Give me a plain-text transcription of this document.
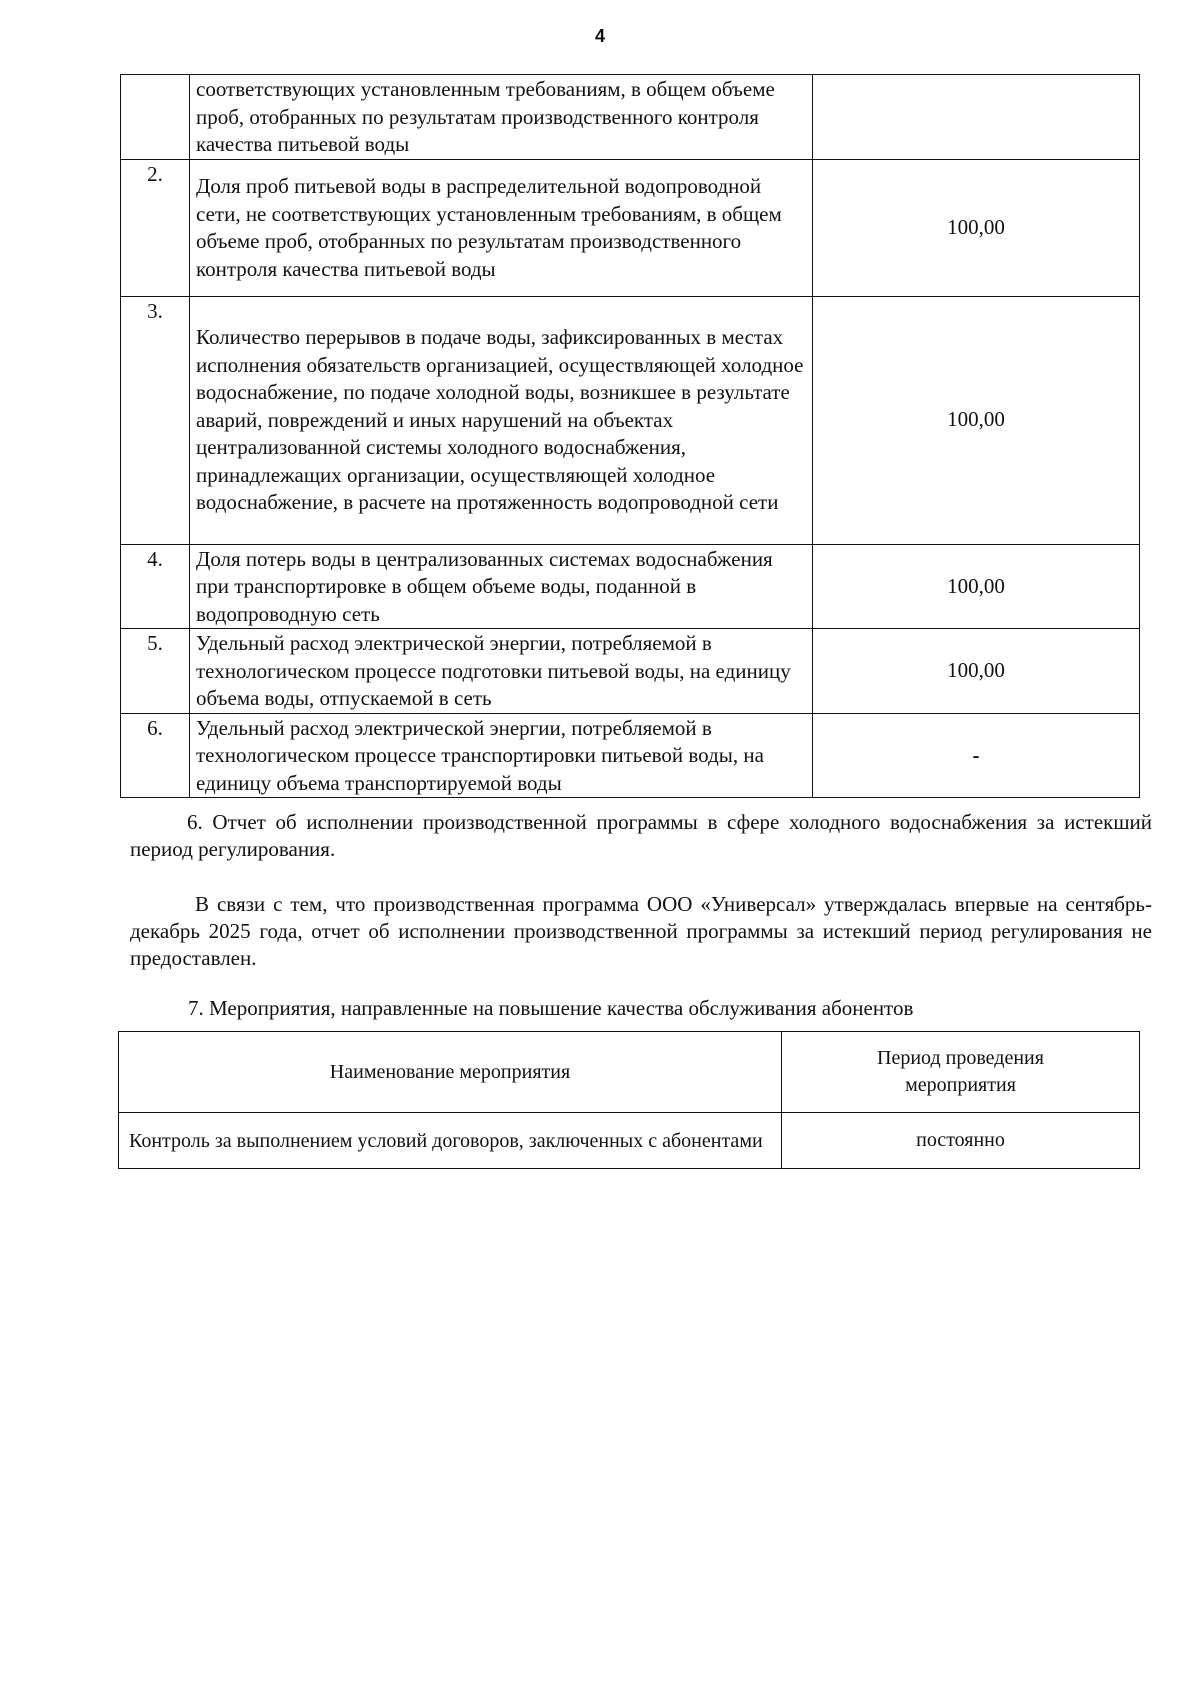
4
	соответствующих установленным требованиям, в общем объеме проб, отобранных по результатам производственного контроля качества питьевой воды	
2.	Доля проб питьевой воды в распределительной водопроводной сети, не соответствующих установленным требованиям, в общем объеме проб, отобранных по результатам производственного контроля качества питьевой воды	100,00
3.	Количество перерывов в подаче воды, зафиксированных в местах исполнения обязательств организацией, осуществляющей холодное водоснабжение, по подаче холодной воды, возникшее в результате аварий, повреждений и иных нарушений на объектах централизованной системы холодного водоснабжения, принадлежащих организации, осуществляющей холодное водоснабжение, в расчете на протяженность водопроводной сети	100,00
4.	Доля потерь воды в централизованных системах водоснабжения при транспортировке в общем объеме воды, поданной в водопроводную сеть	100,00
5.	Удельный расход электрической энергии, потребляемой в технологическом процессе подготовки питьевой воды, на единицу объема воды, отпускаемой в сеть	100,00
6.	Удельный расход электрической энергии, потребляемой в технологическом процессе транспортировки питьевой воды, на единицу объема транспортируемой воды	-
6. Отчет об исполнении производственной программы в сфере холодного водоснабжения за истекший период регулирования.
В связи с тем, что производственная программа ООО «Универсал» утверждалась впервые на сентябрь-декабрь 2025 года, отчет об исполнении производственной программы за истекший период регулирования не предоставлен.
7. Мероприятия, направленные на повышение качества обслуживания абонентов
Наименование мероприятия	Период проведения мероприятия
Контроль за выполнением условий договоров, заключенных с абонентами	постоянно
